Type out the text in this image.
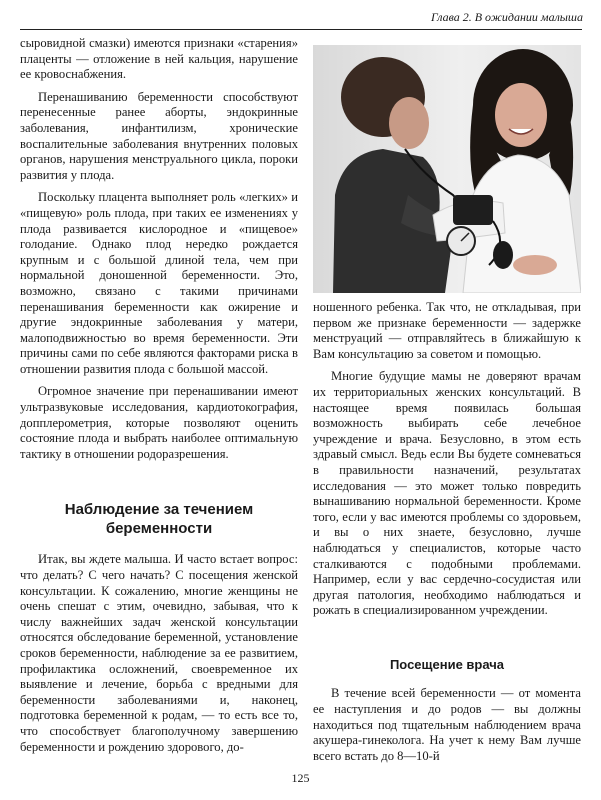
Глава 2. В ожидании малыша

сыровидной смазки) имеются признаки «старения» плаценты — отложение в ней кальция, нарушение ее кровоснабжения.

Перенашиванию беременности способствуют перенесенные ранее аборты, эндокринные заболевания, инфантилизм, хронические воспалительные заболевания внутренних половых органов, нарушения менструального цикла, пороки развития у плода.

Поскольку плацента выполняет роль «легких» и «пищевую» роль плода, при таких ее изменениях у плода развивается кислородное и «пищевое» голодание. Однако плод нередко рождается крупным и с большой длиной тела, чем при нормальной доношенной беременности. Это, возможно, связано с такими причинами перенашивания беременности как ожирение и другие эндокринные заболевания у матери, малоподвижностью во время беременности. Эти причины сами по себе являются факторами риска в отношении развития плода с большой массой.

Огромное значение при перенашивании имеют ультразвуковые исследования, кардиотокография, допплерометрия, которые позволяют оценить состояние плода и выбрать наиболее оптимальную тактику в отношении родоразрешения.

Наблюдение за течением беременности

Итак, вы ждете малыша. И часто встает вопрос: что делать? С чего начать? С посещения женской консультации. К сожалению, многие женщины не очень спешат с этим, очевидно, забывая, что к числу важнейших задач женской консультации относятся обследование беременной, установление сроков беременности, наблюдение за ее развитием, профилактика осложнений, своевременное их выявление и лечение, борьба с вредными для беременности заболеваниями и, наконец, подготовка беременной к родам, — то есть все то, что способствует благополучному завершению беременности и рождению здорового, до-

ношенного ребенка. Так что, не откладывая, при первом же признаке беременности — задержке менструаций — отправляйтесь в ближайшую к Вам консультацию за советом и помощью.

Многие будущие мамы не доверяют врачам их территориальных женских консультаций. В настоящее время появилась большая возможность выбирать себе лечебное учреждение и врача. Безусловно, в этом есть здравый смысл. Ведь если Вы будете сомневаться в правильности назначений, результатах исследования — это может только повредить вынашиванию нормальной беременности. Кроме того, если у вас имеются проблемы со здоровьем, и вы о них знаете, безусловно, лучше наблюдаться у специалистов, которые часто сталкиваются с подобными проблемами. Например, если у вас сердечно-сосудистая или другая патология, необходимо наблюдаться и рожать в специализированном учреждении.

Посещение врача

В течение всей беременности — от момента ее наступления и до родов — вы должны находиться под тщательным наблюдением врача акушера-гинеколога. На учет к нему Вам лучше всего встать до 8—10-й

125
